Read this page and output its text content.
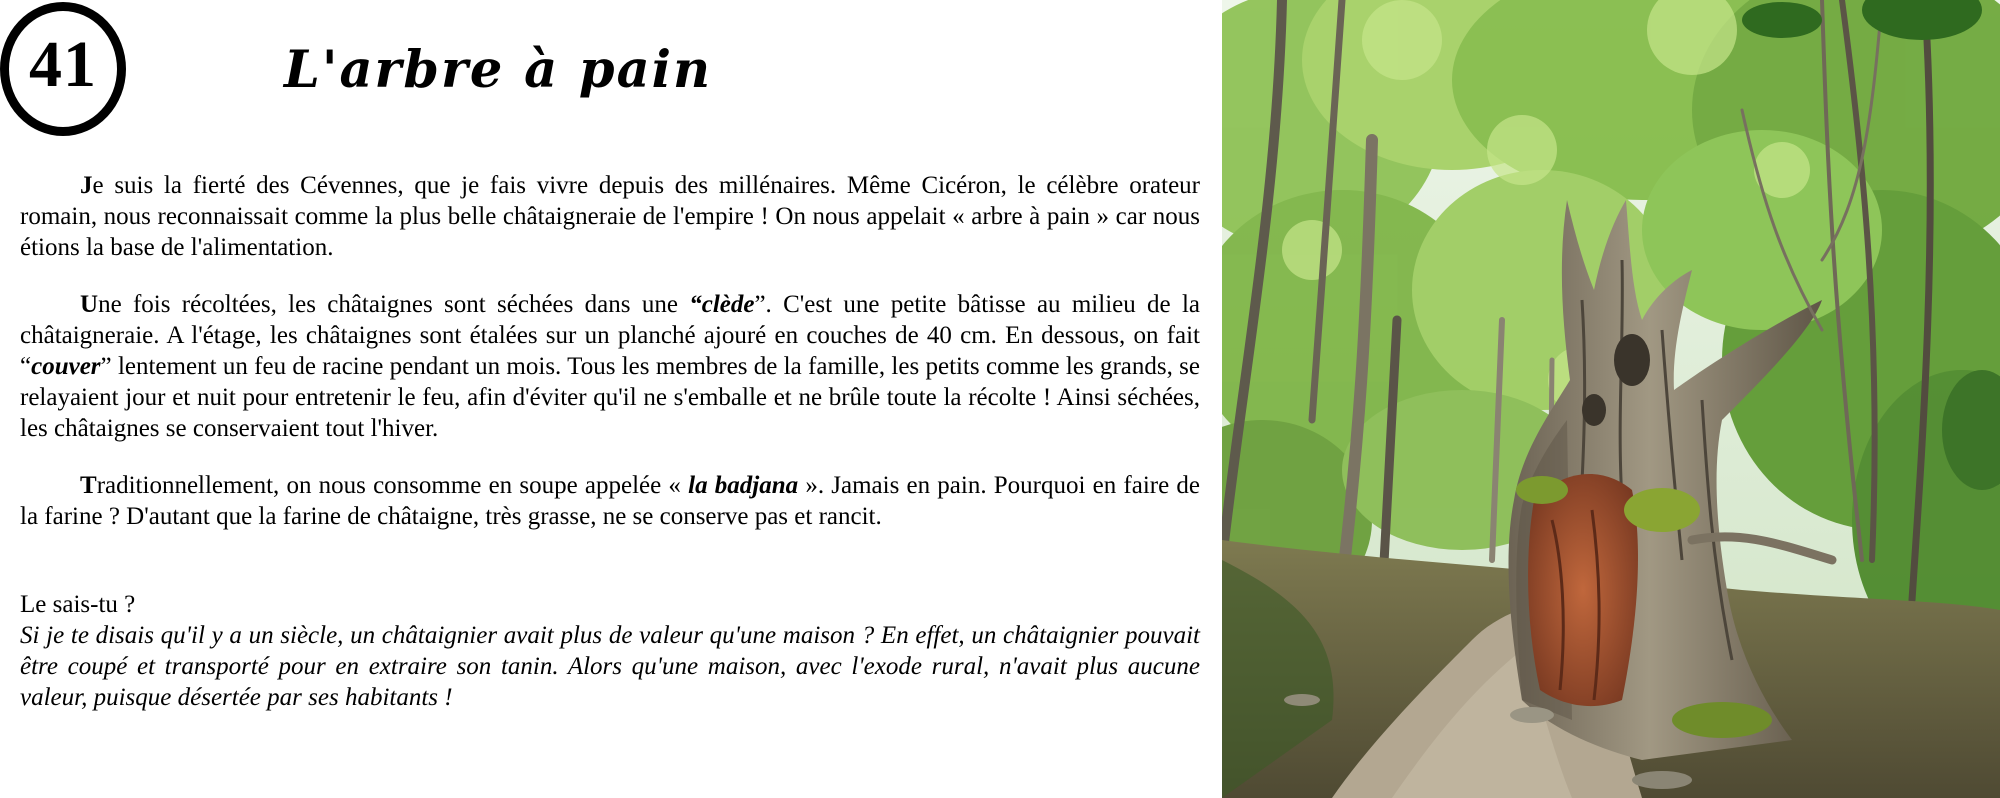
41	L'arbre à pain

Je suis la fierté des Cévennes, que je fais vivre depuis des millénaires. Même Cicéron, le célèbre orateur romain, nous reconnaissait comme la plus belle châtaigneraie de l'empire ! On nous appelait « arbre à pain » car nous étions la base de l'alimentation.

Une fois récoltées, les châtaignes sont séchées dans une “clède”. C'est une petite bâtisse au milieu de la châtaigneraie. A l'étage, les châtaignes sont étalées sur un planché ajouré en couches de 40 cm. En dessous, on fait “couver” lentement un feu de racine pendant un mois. Tous les membres de la famille, les petits comme les grands, se relayaient jour et nuit pour entretenir le feu, afin d'éviter qu'il ne s'emballe et ne brûle toute la récolte ! Ainsi séchées, les châtaignes se conservaient tout l'hiver.

Traditionnellement, on nous consomme en soupe appelée « la badjana ». Jamais en pain. Pourquoi en faire de la farine ? D'autant que la farine de châtaigne, très grasse, ne se conserve pas et rancit.

Le sais-tu ?

Si je te disais qu'il y a un siècle, un châtaignier avait plus de valeur qu'une maison ? En effet, un châtaignier pouvait être coupé et transporté pour en extraire son tanin. Alors qu'une maison, avec l'exode rural, n'avait plus aucune valeur, puisque désertée par ses habitants !
